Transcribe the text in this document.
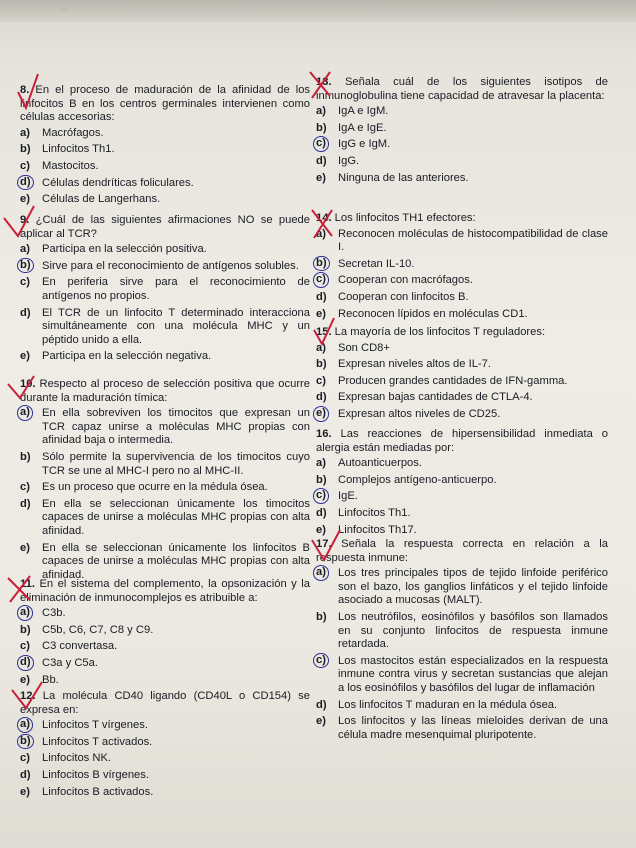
...
8. En el proceso de maduración de la afinidad de los linfocitos B en los centros germinales intervienen como células accesorias:
a) Macrófagos.
b) Linfocitos Th1.
c) Mastocitos.
d) Células dendríticas foliculares.
e) Células de Langerhans.
9. ¿Cuál de las siguientes afirmaciones NO se puede aplicar al TCR?
a) Participa en la selección positiva.
b) Sirve para el reconocimiento de antígenos solubles.
c) En periferia sirve para el reconocimiento de antígenos no propios.
d) El TCR de un linfocito T determinado interacciona simultáneamente con una molécula MHC y un péptido unido a ella.
e) Participa en la selección negativa.
10. Respecto al proceso de selección positiva que ocurre durante la maduración tímica:
a) En ella sobreviven los timocitos que expresan un TCR capaz unirse a moléculas MHC propias con afinidad baja o intermedia.
b) Sólo permite la supervivencia de los timocitos cuyo TCR se une al MHC-I pero no al MHC-II.
c) Es un proceso que ocurre en la médula ósea.
d) En ella se seleccionan únicamente los timocitos capaces de unirse a moléculas MHC propias con alta afinidad.
e) En ella se seleccionan únicamente los linfocitos B capaces de unirse a moléculas MHC propias con alta afinidad.
11. En el sistema del complemento, la opsonización y la eliminación de inmunocomplejos es atribuible a:
a) C3b.
b) C5b, C6, C7, C8 y C9.
c) C3 convertasa.
d) C3a y C5a.
e) Bb.
12. La molécula CD40 ligando (CD40L o CD154) se expresa en:
a) Linfocitos T vírgenes.
b) Linfocitos T activados.
c) Linfocitos NK.
d) Linfocitos B vírgenes.
e) Linfocitos B activados.
13. Señala cuál de los siguientes isotipos de inmunoglobulina tiene capacidad de atravesar la placenta:
a) IgA e IgM.
b) IgA e IgE.
c) IgG e IgM.
d) IgG.
e) Ninguna de las anteriores.
14. Los linfocitos TH1 efectores:
a) Reconocen moléculas de histocompatibilidad de clase I.
b) Secretan IL-10.
c) Cooperan con macrófagos.
d) Cooperan con linfocitos B.
e) Reconocen lípidos en moléculas CD1.
15. La mayoría de los linfocitos T reguladores:
a) Son CD8+
b) Expresan niveles altos de IL-7.
c) Producen grandes cantidades de IFN-gamma.
d) Expresan bajas cantidades de CTLA-4.
e) Expresan altos niveles de CD25.
16. Las reacciones de hipersensibilidad inmediata o alergia están mediadas por:
a) Autoanticuerpos.
b) Complejos antígeno-anticuerpo.
c) IgE.
d) Linfocitos Th1.
e) Linfocitos Th17.
17. Señala la respuesta correcta en relación a la respuesta inmune:
a) Los tres principales tipos de tejido linfoide periférico son el bazo, los ganglios linfáticos y el tejido linfoide asociado a mucosas (MALT).
b) Los neutrófilos, eosinófilos y basófilos son llamados en su conjunto linfocitos de respuesta inmune retardada.
c) Los mastocitos están especializados en la respuesta inmune contra virus y secretan sustancias que alejan a los eosinófilos y basófilos del lugar de inflamación
d) Los linfocitos T maduran en la médula ósea.
e) Los linfocitos y las líneas mieloides derivan de una célula madre mesenquimal pluripotente.
